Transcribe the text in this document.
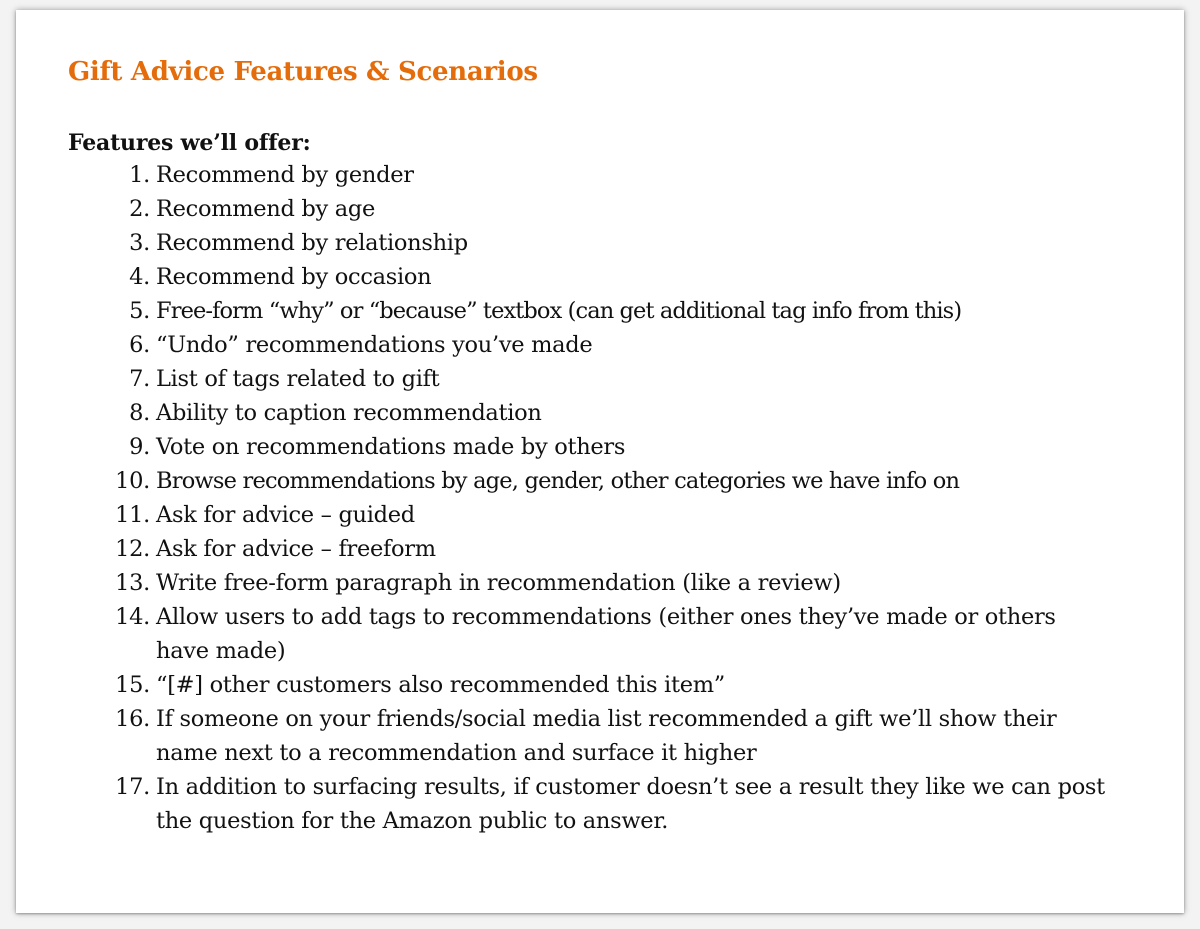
Gift Advice Features & Scenarios
Features we’ll offer:
1. Recommend by gender
2. Recommend by age
3. Recommend by relationship
4. Recommend by occasion
5. Free-form “why” or “because” textbox (can get additional tag info from this)
6. “Undo” recommendations you’ve made
7. List of tags related to gift
8. Ability to caption recommendation
9. Vote on recommendations made by others
10. Browse recommendations by age, gender, other categories we have info on
11. Ask for advice – guided
12. Ask for advice – freeform
13. Write free-form paragraph in recommendation (like a review)
14. Allow users to add tags to recommendations (either ones they’ve made or others have made)
15. “[#] other customers also recommended this item”
16. If someone on your friends/social media list recommended a gift we’ll show their name next to a recommendation and surface it higher
17. In addition to surfacing results, if customer doesn’t see a result they like we can post the question for the Amazon public to answer.
